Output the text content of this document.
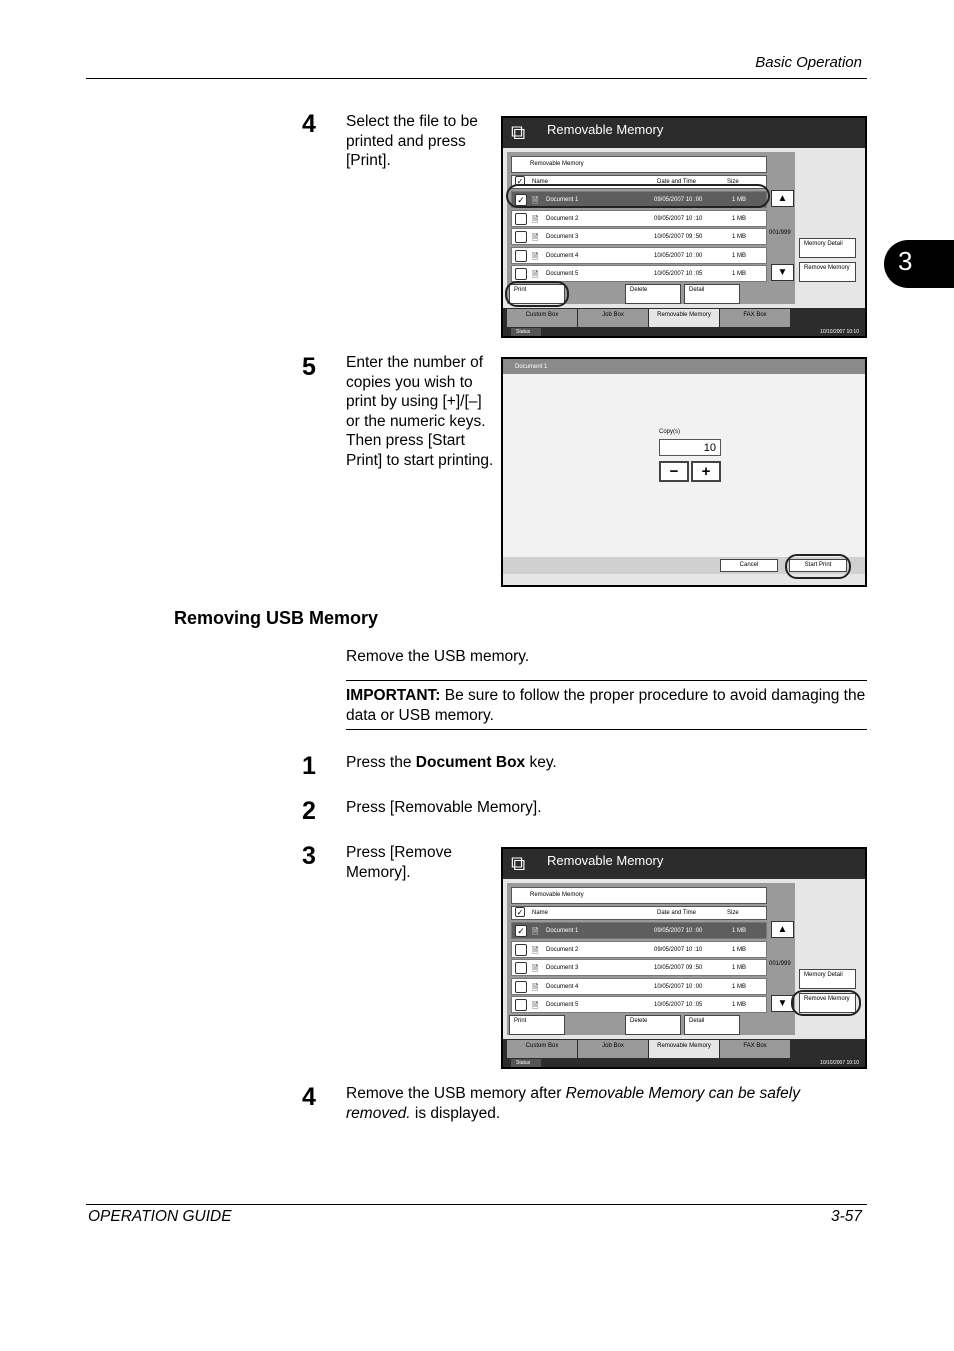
Basic Operation
3
4	Select the file to be printed and press [Print].
Removable Memory
⧉
Removable Memory
✓ Name	Date and Time	Size
✓ 🗎 Document 1	09/05/2007 10 :00	1 MB
🗎 Document 2	09/05/2007 10 :10	1 MB
🗎 Document 3	10/05/2007 09 :50	1 MB
🗎 Document 4	10/05/2007 10 :00	1 MB
🗎 Document 5	10/05/2007 10 :05	1 MB
▲
001/999
▼
Memory Detail
Remove Memory
Print	Delete	Detail
Custom Box	Job Box	Removable Memory	FAX Box
Status	10/10/2007 10:10
5	Enter the number of copies you wish to print by using [+]/[–] or the numeric keys. Then press [Start Print] to start printing.
Document 1
Copy(s)
10
−	+
Cancel	Start Print
Removing USB Memory
Remove the USB memory.
IMPORTANT: Be sure to follow the proper procedure to avoid damaging the data or USB memory.
1	Press the Document Box key.
2	Press [Removable Memory].
3	Press [Remove Memory].
Removable Memory
⧉
Removable Memory
✓ Name	Date and Time	Size
✓ 🗎 Document 1	09/05/2007 10 :00	1 MB
🗎 Document 2	09/05/2007 10 :10	1 MB
🗎 Document 3	10/05/2007 09 :50	1 MB
🗎 Document 4	10/05/2007 10 :00	1 MB
🗎 Document 5	10/05/2007 10 :05	1 MB
▲
001/999
▼
Memory Detail
Remove Memory
Print	Delete	Detail
Custom Box	Job Box	Removable Memory	FAX Box
Status	10/10/2007 10:10
4	Remove the USB memory after Removable Memory can be safely removed. is displayed.
OPERATION GUIDE	3-57
